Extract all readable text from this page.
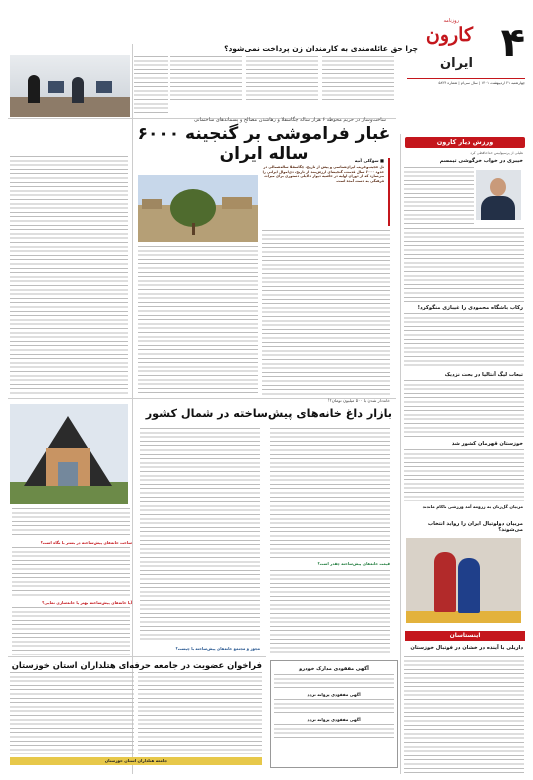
۴
روزنامه
کارون
ایران
چهارشنبه ۲۱ اردیبهشت ۱۴۰۱ | سال سی‌ام | شماره ۵۸۲۴
چرا حق عائله‌مندی به کارمندان زن پرداخت نمی‌شود؟
ورزش دیار کارون
هلیلی از پرسپولیس خداحافظی کرد
خیبری در خواب خرگوشی تیمسم
رکاب باشگاه محمودی را غیبازی منگوکرد!
تبعات لیگ آنتالیا در بحث نزدیک
خوزستان قهرمان کشور شد
مربیان گل‌زنان به رزومه آمد ورزشی ناکام ماندند
مربیان دولوتیال ایران را رواید انتخاب می‌شوند؟
اینستاسان
داریلی با آینده در خشان در فوتبال خوزستان
ساخت‌وساز در حریم محوطه ۶ هزار ساله چگاسفلا و رهاشدن مصالح و پسماندهای ساختمانی
غبار فراموشی بر گنجینه ۶۰۰۰ ساله ایران	■ سوگلی آتیه
تل عجیب‌وغریب ایران‌شناسی و پیش از تاریخ، چگاسفلا ساله‌شمالی در حدود ۶۰۰۰ سال قدمت، گنجینه‌ای ارزش‌مند از تاریخ، دی‌اموال ایرانی را می‌سازد که از دوران اولیه در حاشیه دیوار دلایلی دستوری برای میراث فرهنگی به دست آمده است.
خانه‌دار شدن با ۵۰۰ میلیون تومان؟!
بازار داغ خانه‌های پیش‌ساخته در شمال کشور
قیمت خانه‌های پیش‌ساخته چقدر است؟
مجوز و مجتمع خانه‌های پیش‌ساخته با چیست؟
ساخت خانه‌های پیش‌ساخته در بستر با نگاه است؟
آیا خانه‌های پیش‌ساخته بهتر یا خانه‌سازی نمایی؟
فراخوان عضویت در جامعه حرفه‌ای هتلداران استان خوزستان
جامعه هتلداران استان خوزستان
آگهی مفقودی مدارک خودرو
آگهی مفقودی پروانه تردد
آگهی مفقودی پروانه تردد
